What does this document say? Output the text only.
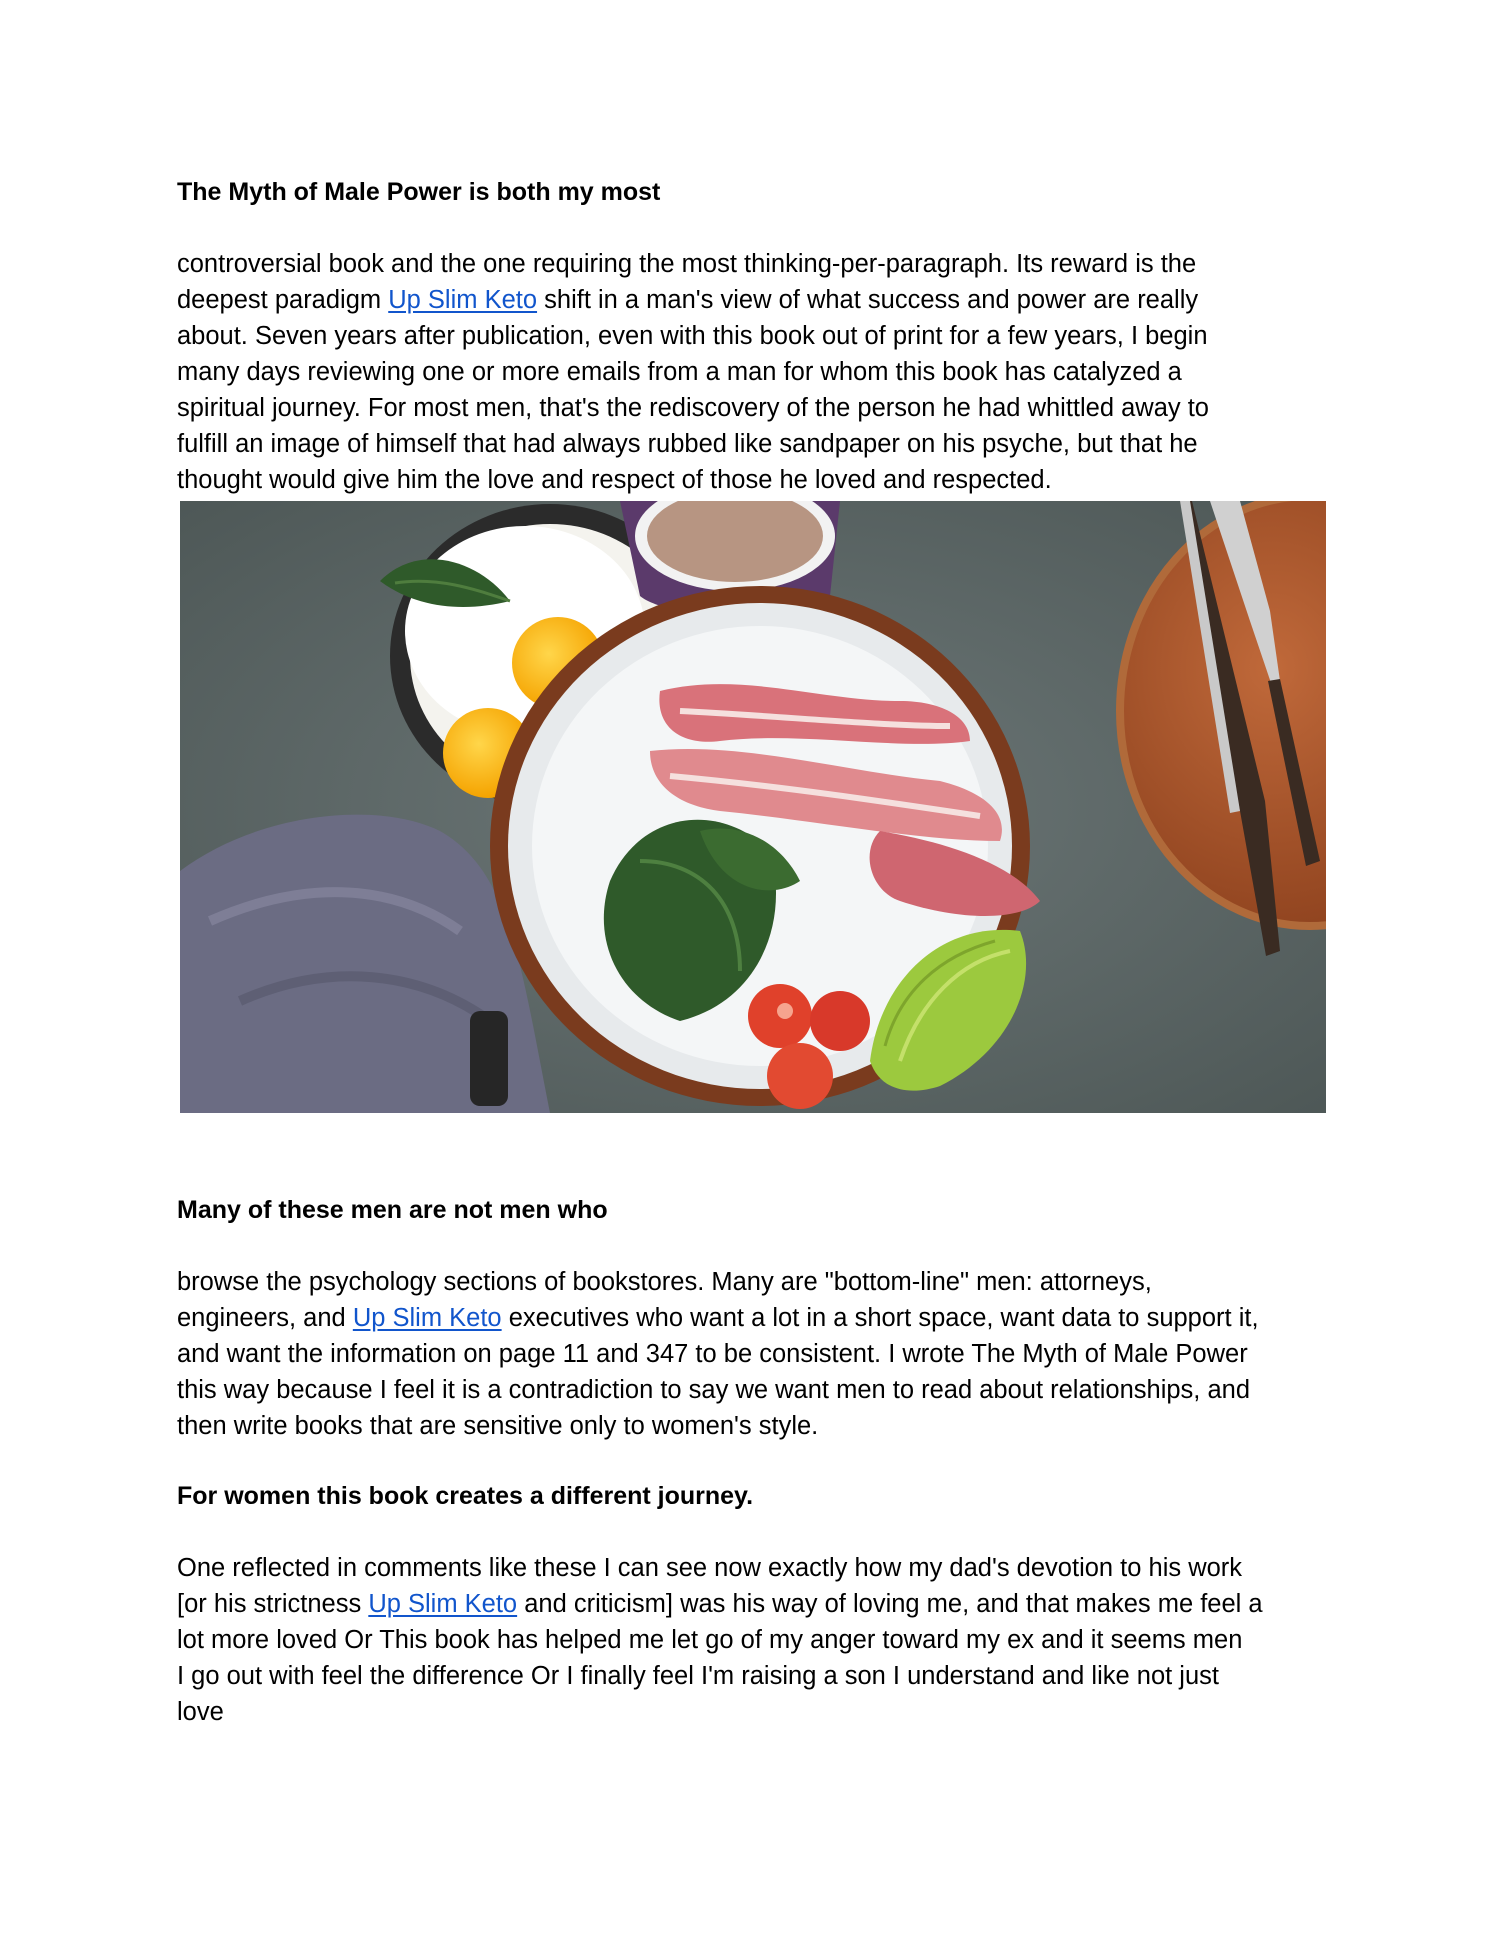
The Myth of Male Power is both my most

controversial book and the one requiring the most thinking-per-paragraph. Its reward is the
deepest paradigm Up Slim Keto shift in a man's view of what success and power are really
about. Seven years after publication, even with this book out of print for a few years, I begin
many days reviewing one or more emails from a man for whom this book has catalyzed a
spiritual journey. For most men, that's the rediscovery of the person he had whittled away to
fulfill an image of himself that had always rubbed like sandpaper on his psyche, but that he
thought would give him the love and respect of those he loved and respected.

Many of these men are not men who

browse the psychology sections of bookstores. Many are "bottom-line" men: attorneys,
engineers, and Up Slim Keto executives who want a lot in a short space, want data to support it,
and want the information on page 11 and 347 to be consistent. I wrote The Myth of Male Power
this way because I feel it is a contradiction to say we want men to read about relationships, and
then write books that are sensitive only to women's style.

For women this book creates a different journey.

One reflected in comments like these I can see now exactly how my dad's devotion to his work
[or his strictness Up Slim Keto and criticism] was his way of loving me, and that makes me feel a
lot more loved Or This book has helped me let go of my anger toward my ex and it seems men
I go out with feel the difference Or I finally feel I'm raising a son I understand and like not just
love
